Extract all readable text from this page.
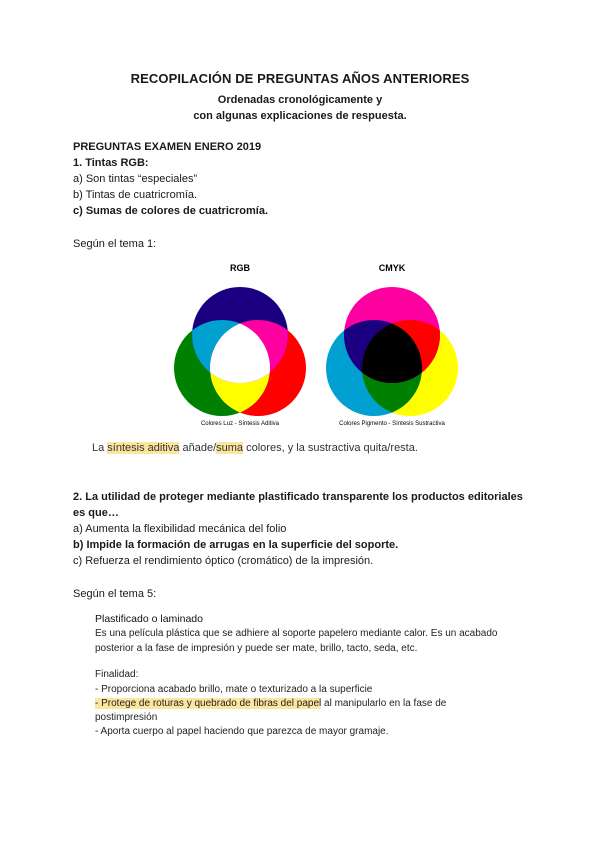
RECOPILACIÓN DE PREGUNTAS AÑOS ANTERIORES
Ordenadas cronológicamente y
con algunas explicaciones de respuesta.
PREGUNTAS EXAMEN ENERO 2019
1. Tintas RGB:
a) Son tintas “especiales”
b) Tintas de cuatricromía.
c) Sumas de colores de cuatricromía.
Según el tema 1:
RGB	CMYK
Colores Luz - Síntesis Aditiva	Colores Pigmento - Síntesis Sustractiva
La síntesis aditiva añade/suma colores, y la sustractiva quita/resta.
2. La utilidad de proteger mediante plastificado transparente los productos editoriales
es que…
a) Aumenta la flexibilidad mecánica del folio
b) Impide la formación de arrugas en la superficie del soporte.
c) Refuerza el rendimiento óptico (cromático) de la impresión.
Según el tema 5:
Plastificado o laminado
Es una película plástica que se adhiere al soporte papelero mediante calor. Es un acabado
posterior a la fase de impresión y puede ser mate, brillo, tacto, seda, etc.
Finalidad:
- Proporciona acabado brillo, mate o texturizado a la superficie
- Protege de roturas y quebrado de fibras del papel al manipularlo en la fase de
postimpresión
- Aporta cuerpo al papel haciendo que parezca de mayor gramaje.
